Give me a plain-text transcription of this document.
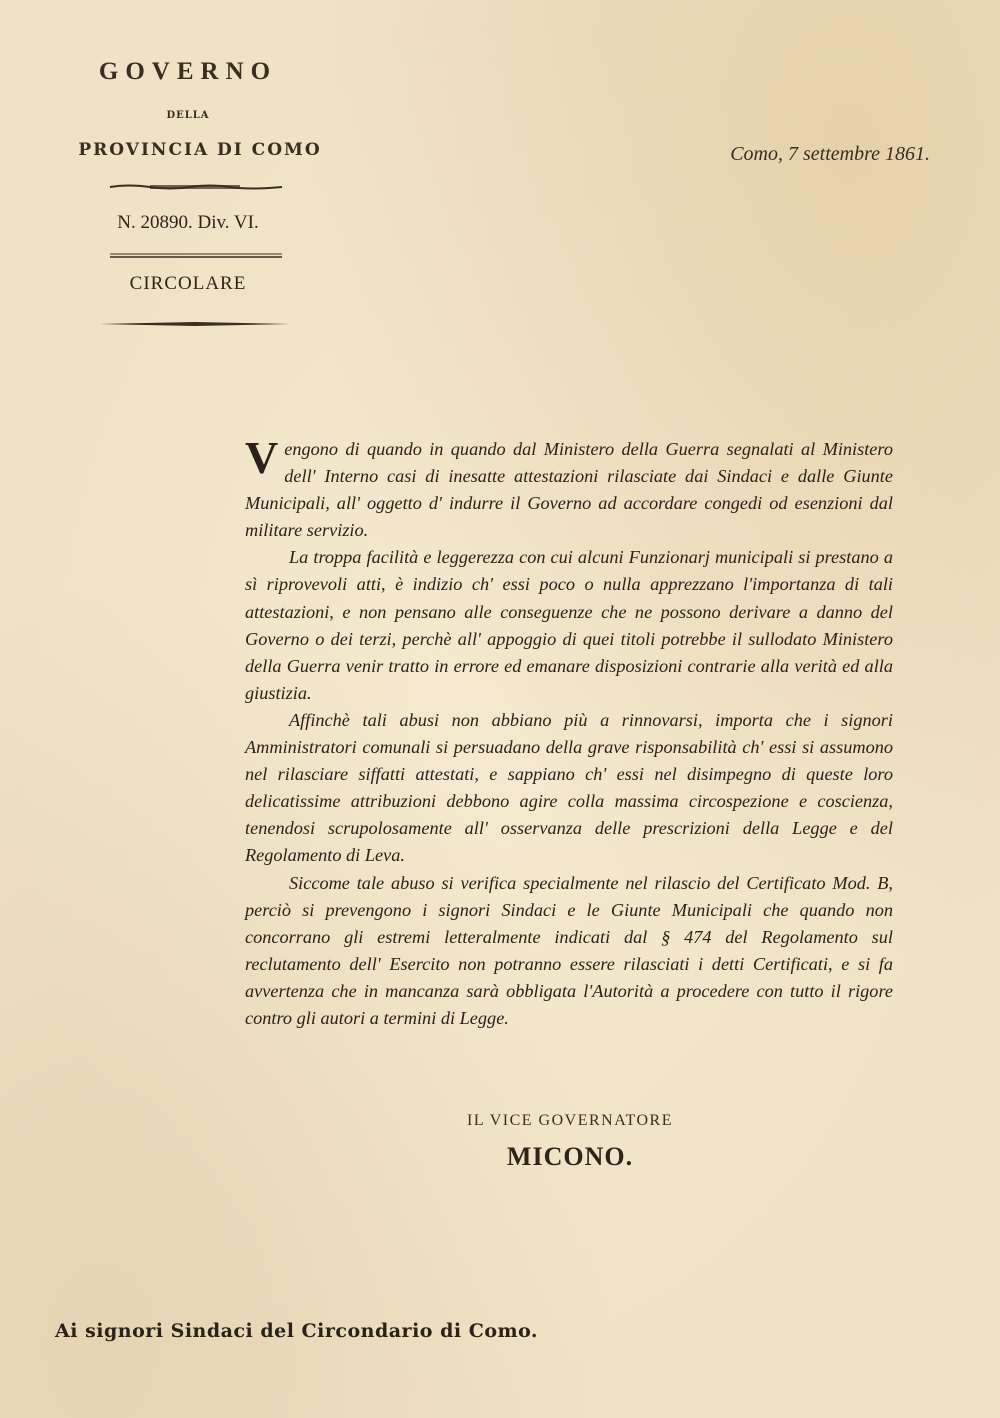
GOVERNO
DELLA
PROVINCIA DI COMO
N. 20890. Div. VI.
CIRCOLARE
Como, 7 settembre 1861.

Vengono di quando in quando dal Ministero della Guerra segnalati al Ministero dell' Interno casi di inesatte attestazioni rilasciate dai Sindaci e dalle Giunte Municipali, all' oggetto d' indurre il Governo ad accordare congedi od esenzioni dal militare servizio.

La troppa facilità e leggerezza con cui alcuni Funzionarj municipali si prestano a sì riprovevoli atti, è indizio ch' essi poco o nulla apprezzano l'importanza di tali attestazioni, e non pensano alle conseguenze che ne possono derivare a danno del Governo o dei terzi, perchè all' appoggio di quei titoli potrebbe il sullodato Ministero della Guerra venir tratto in errore ed emanare disposizioni contrarie alla verità ed alla giustizia.

Affinchè tali abusi non abbiano più a rinnovarsi, importa che i signori Amministratori comunali si persuadano della grave risponsabilità ch' essi si assumono nel rilasciare siffatti attestati, e sappiano ch' essi nel disimpegno di queste loro delicatissime attribuzioni debbono agire colla massima circospezione e coscienza, tenendosi scrupolosamente all' osservanza delle prescrizioni della Legge e del Regolamento di Leva.

Siccome tale abuso si verifica specialmente nel rilascio del Certificato Mod. B, perciò si prevengono i signori Sindaci e le Giunte Municipali che quando non concorrano gli estremi letteralmente indicati dal § 474 del Regolamento sul reclutamento dell' Esercito non potranno essere rilasciati i detti Certificati, e si fa avvertenza che in mancanza sarà obbligata l'Autorità a procedere con tutto il rigore contro gli autori a termini di Legge.

IL VICE GOVERNATORE
MICONO.
Ai signori Sindaci del Circondario di Como.
